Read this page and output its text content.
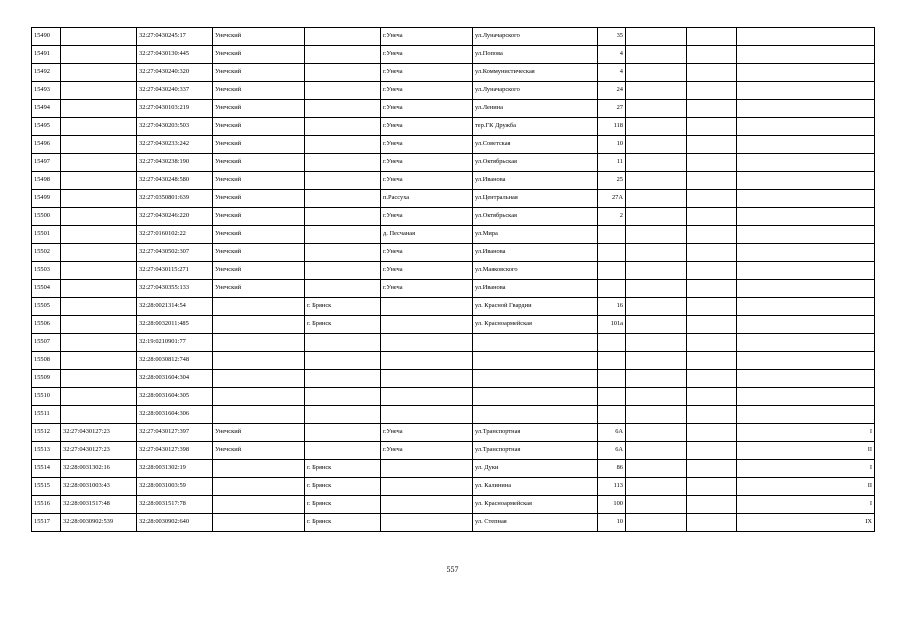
15490		32:27:0430245:17	Унечский		г.Унеча	ул.Луначарского	35			
15491		32:27:0430130:445	Унечский		г.Унеча	ул.Попова	4			
15492		32:27:0430240:320	Унечский		г.Унеча	ул.Коммунистическая	4			
15493		32:27:0430240:337	Унечский		г.Унеча	ул.Луначарского	24			
15494		32:27:0430103:219	Унечский		г.Унеча	ул.Ленина	27			
15495		32:27:0430203:503	Унечский		г.Унеча	тер.ГК Дружба	118			
15496		32:27:0430233:242	Унечский		г.Унеча	ул.Советская	10			
15497		32:27:0430238:190	Унечский		г.Унеча	ул.Октябрьская	11			
15498		32:27:0430248:580	Унечский		г.Унеча	ул.Иванова	25			
15499		32:27:0350801:639	Унечский		п.Рассуха	ул.Центральная	27А			
15500		32:27:0430246:220	Унечский		г.Унеча	ул.Октябрьская	2			
15501		32:27:0160102:22	Унечский		д. Песчаная	ул.Мира				
15502		32:27:0430502:307	Унечский		г.Унеча	ул.Иванова				
15503		32:27:0430115:271	Унечский		г.Унеча	ул.Маяковского				
15504		32:27:0430355:133	Унечский		г.Унеча	ул.Иванова				
15505		32:28:0021314:54		г. Брянск		ул. Красной Гвардии	16			
15506		32:28:0032011:485		г. Брянск		ул. Красноармейская	101а			
15507		32:19:0210901:77								
15508		32:28:0030812:748								
15509		32:28:0031604:304								
15510		32:28:0031604:305								
15511		32:28:0031604:306								
15512	32:27:0430127:23	32:27:0430127:397	Унечский		г.Унеча	ул.Транспортная	6А			I
15513	32:27:0430127:23	32:27:0430127:398	Унечский		г.Унеча	ул.Транспортная	6А			II
15514	32:28:0031302:16	32:28:0031302:19		г. Брянск		ул. Дуки	86			I
15515	32:28:0031003:43	32:28:0031003:59		г. Брянск		ул. Калинина	113			II
15516	32:28:0031517:48	32:28:0031517:78		г. Брянск		ул. Красноармейская	100			I
15517	32:28:0030902:539	32:28:0030902:640		г. Брянск		ул. Степная	10			IX
557
